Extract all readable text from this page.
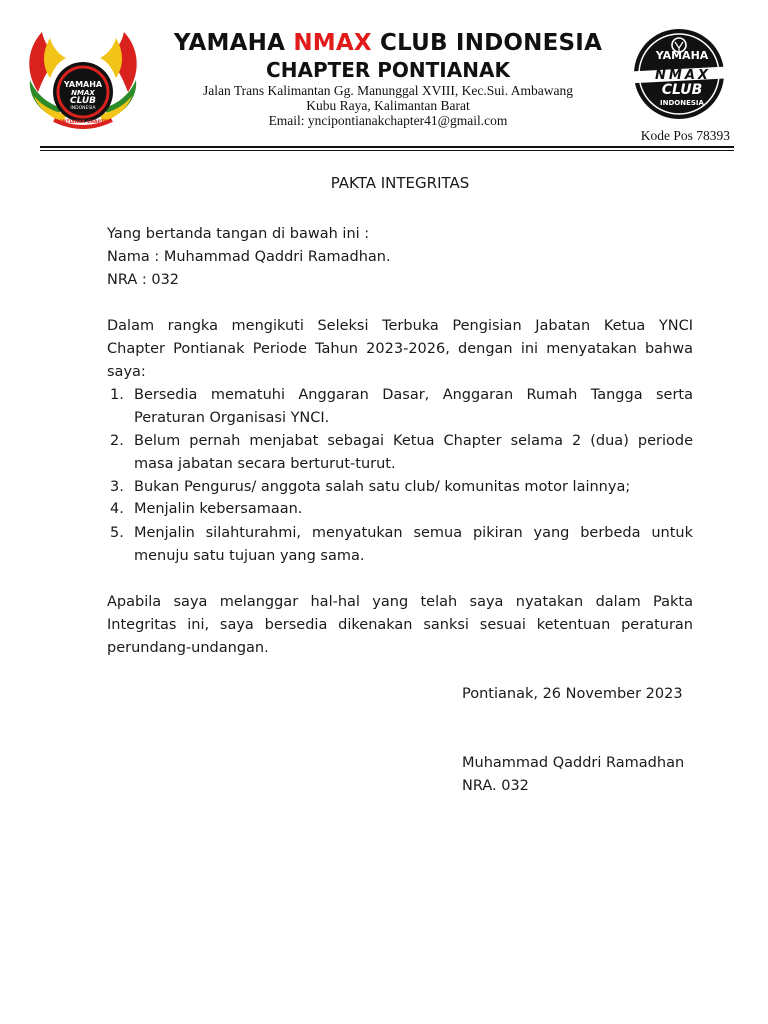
YAMAHA
NMAX
CLUB
INDONESIA
PONTIANAK CHAPTER
YAMAHA NMAX CLUB INDONESIA
CHAPTER PONTIANAK
Jalan Trans Kalimantan Gg. Manunggal XVIII, Kec.Sui. Ambawang
Kubu Raya, Kalimantan Barat
Email: yncipontianakchapter41@gmail.com
Kode Pos 78393
YAMAHA
NMAX
CLUB
INDONESIA
PAKTA INTEGRITAS
Yang bertanda tangan di bawah ini :
Nama : Muhammad Qaddri Ramadhan.
NRA : 032
Dalam rangka mengikuti Seleksi Terbuka Pengisian Jabatan Ketua YNCI
Chapter Pontianak Periode Tahun 2023-2026, dengan ini menyatakan bahwa
saya:
1. Bersedia mematuhi Anggaran Dasar, Anggaran Rumah Tangga serta
Peraturan Organisasi YNCI.
2. Belum pernah menjabat sebagai Ketua Chapter selama 2 (dua) periode
masa jabatan secara berturut-turut.
3. Bukan Pengurus/ anggota salah satu club/ komunitas motor lainnya;
4. Menjalin kebersamaan.
5. Menjalin silahturahmi, menyatukan semua pikiran yang berbeda untuk
menuju satu tujuan yang sama.
Apabila saya melanggar hal-hal yang telah saya nyatakan dalam Pakta
Integritas ini, saya bersedia dikenakan sanksi sesuai ketentuan peraturan
perundang-undangan.
Pontianak, 26 November 2023
Muhammad Qaddri Ramadhan
NRA. 032
